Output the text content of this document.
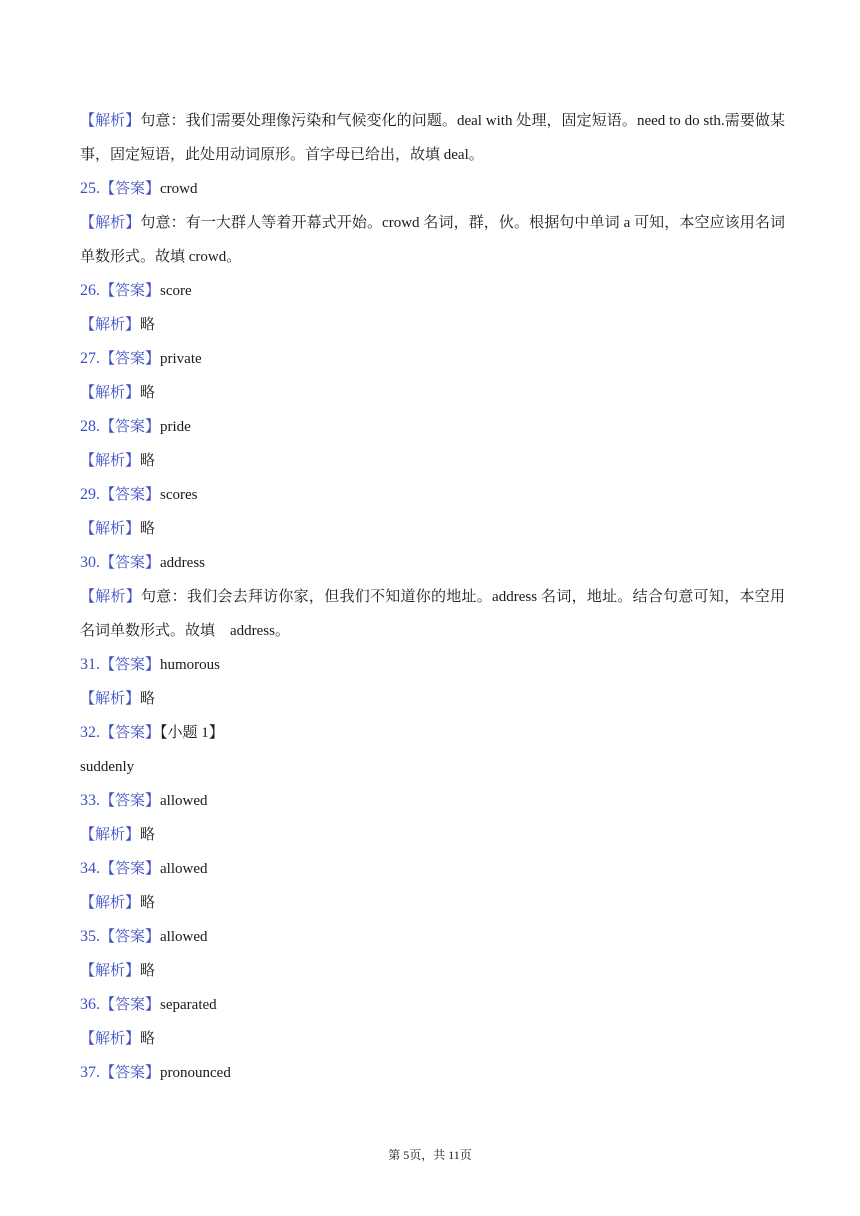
【解析】句意：我们需要处理像污染和气候变化的问题。deal with 处理，固定短语。need to do sth.需要做某事，固定短语，此处用动词原形。首字母已给出，故填 deal。
25.【答案】crowd
【解析】句意：有一大群人等着开幕式开始。crowd 名词，群，伙。根据句中单词 a 可知，本空应该用名词单数形式。故填 crowd。
26.【答案】score
【解析】略
27.【答案】private
【解析】略
28.【答案】pride
【解析】略
29.【答案】scores
【解析】略
30.【答案】address
【解析】句意：我们会去拜访你家，但我们不知道你的地址。address 名词，地址。结合句意可知，本空用名词单数形式。故填　address。
31.【答案】humorous
【解析】略
32.【答案】【小题 1】
suddenly
33.【答案】allowed
【解析】略
34.【答案】allowed
【解析】略
35.【答案】allowed
【解析】略
36.【答案】separated
【解析】略
37.【答案】pronounced
第 5页，共 11页
